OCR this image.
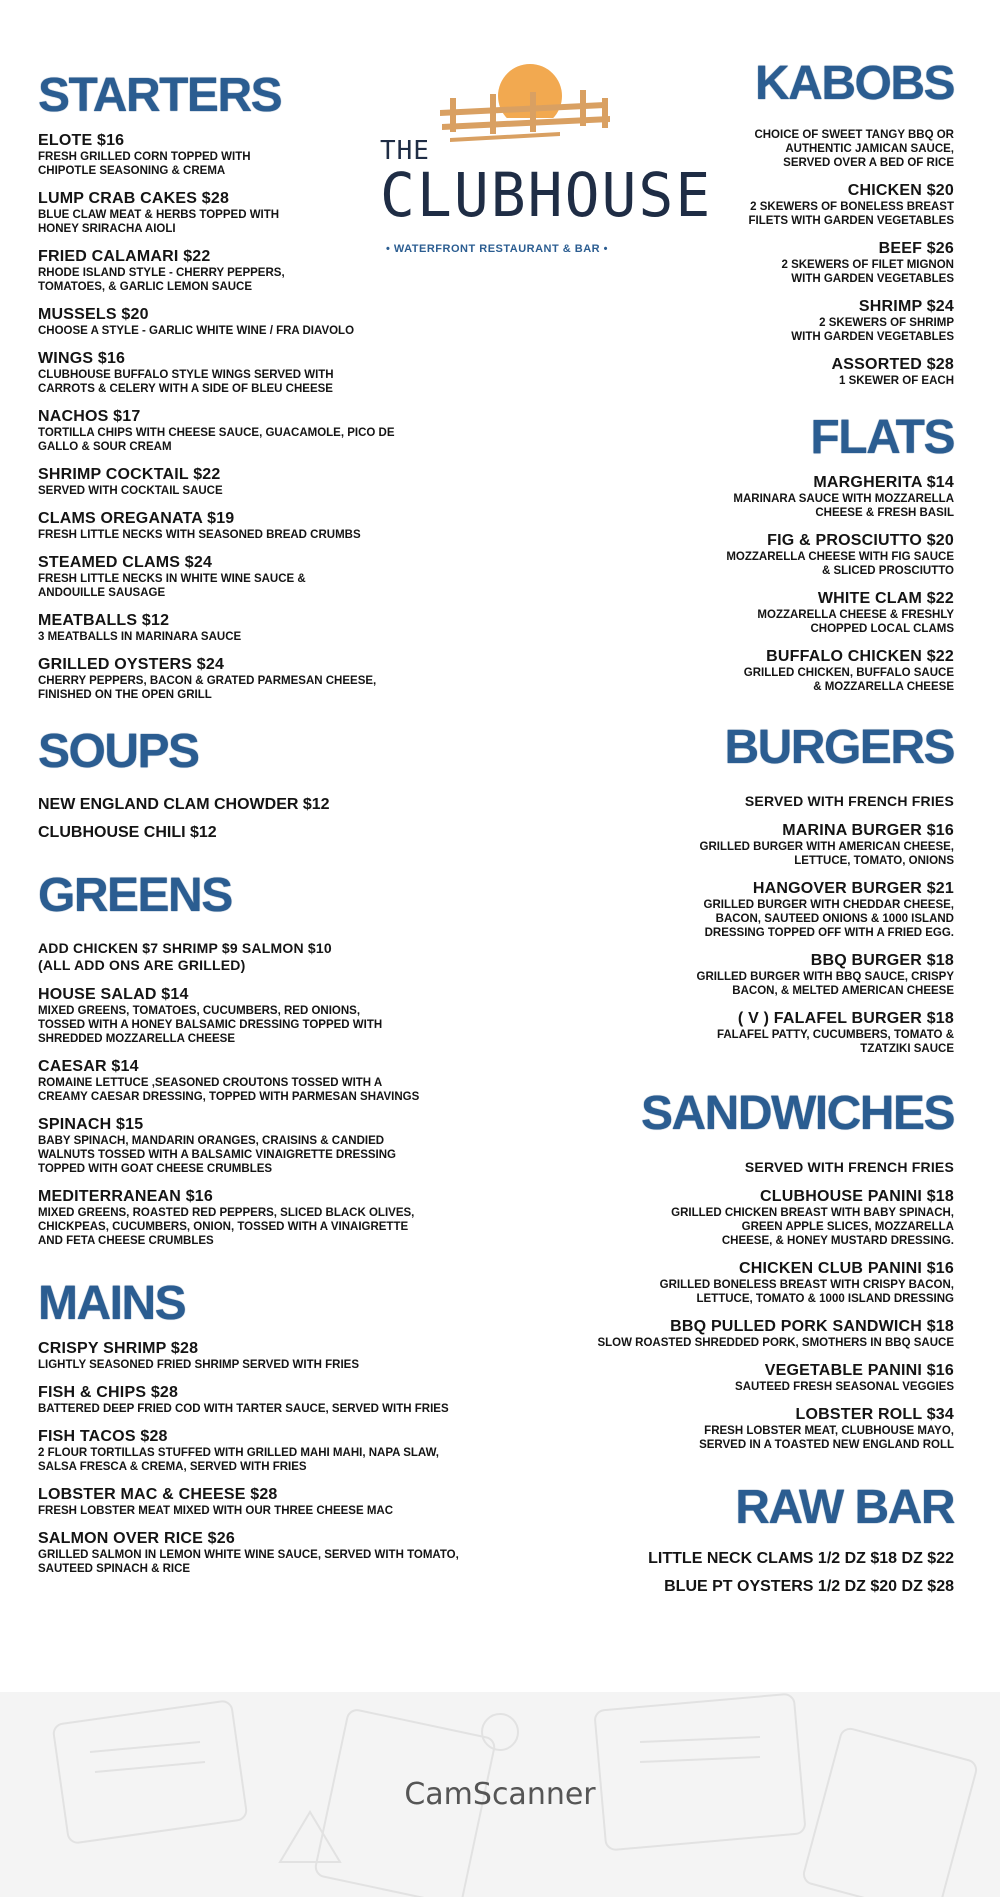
THE
CLUBHOUSE
• WATERFRONT RESTAURANT & BAR •
STARTERS
ELOTE $16
FRESH GRILLED CORN TOPPED WITH
CHIPOTLE SEASONING & CREMA
LUMP CRAB CAKES $28
BLUE CLAW MEAT & HERBS TOPPED WITH
HONEY SRIRACHA AIOLI
FRIED CALAMARI $22
RHODE ISLAND STYLE - CHERRY PEPPERS,
TOMATOES, & GARLIC LEMON SAUCE
MUSSELS $20
CHOOSE A STYLE - GARLIC WHITE WINE / FRA DIAVOLO
WINGS $16
CLUBHOUSE BUFFALO STYLE WINGS SERVED WITH
CARROTS & CELERY WITH A SIDE OF BLEU CHEESE
NACHOS $17
TORTILLA CHIPS WITH CHEESE SAUCE, GUACAMOLE, PICO DE
GALLO & SOUR CREAM
SHRIMP COCKTAIL $22
SERVED WITH COCKTAIL SAUCE
CLAMS OREGANATA $19
FRESH LITTLE NECKS WITH SEASONED BREAD CRUMBS
STEAMED CLAMS $24
FRESH LITTLE NECKS IN WHITE WINE SAUCE &
ANDOUILLE SAUSAGE
MEATBALLS $12
3 MEATBALLS IN MARINARA SAUCE
GRILLED OYSTERS $24
CHERRY PEPPERS, BACON & GRATED PARMESAN CHEESE,
FINISHED ON THE OPEN GRILL
SOUPS
NEW ENGLAND CLAM CHOWDER $12
CLUBHOUSE CHILI $12
GREENS
ADD CHICKEN $7 SHRIMP $9 SALMON $10
(ALL ADD ONS ARE GRILLED)
HOUSE SALAD $14
MIXED GREENS, TOMATOES, CUCUMBERS, RED ONIONS,
TOSSED WITH A HONEY BALSAMIC DRESSING TOPPED WITH
SHREDDED MOZZARELLA CHEESE
CAESAR $14
ROMAINE LETTUCE ,SEASONED CROUTONS TOSSED WITH A
CREAMY CAESAR DRESSING, TOPPED WITH PARMESAN SHAVINGS
SPINACH $15
BABY SPINACH, MANDARIN ORANGES, CRAISINS & CANDIED
WALNUTS TOSSED WITH A BALSAMIC VINAIGRETTE DRESSING
TOPPED WITH GOAT CHEESE CRUMBLES
MEDITERRANEAN $16
MIXED GREENS, ROASTED RED PEPPERS, SLICED BLACK OLIVES,
CHICKPEAS, CUCUMBERS, ONION, TOSSED WITH A VINAIGRETTE
AND FETA CHEESE CRUMBLES
MAINS
CRISPY SHRIMP $28
LIGHTLY SEASONED FRIED SHRIMP SERVED WITH FRIES
FISH & CHIPS $28
BATTERED DEEP FRIED COD WITH TARTER SAUCE, SERVED WITH FRIES
FISH TACOS $28
2 FLOUR TORTILLAS STUFFED WITH GRILLED MAHI MAHI, NAPA SLAW,
SALSA FRESCA & CREMA, SERVED WITH FRIES
LOBSTER MAC & CHEESE $28
FRESH LOBSTER MEAT MIXED WITH OUR THREE CHEESE MAC
SALMON OVER RICE $26
GRILLED SALMON IN LEMON WHITE WINE SAUCE, SERVED WITH TOMATO,
SAUTEED SPINACH & RICE
KABOBS
CHOICE OF SWEET TANGY BBQ OR
AUTHENTIC JAMICAN SAUCE,
SERVED OVER A BED OF RICE
CHICKEN $20
2 SKEWERS OF BONELESS BREAST
FILETS WITH GARDEN VEGETABLES
BEEF $26
2 SKEWERS OF FILET MIGNON
WITH GARDEN VEGETABLES
SHRIMP $24
2 SKEWERS OF SHRIMP
WITH GARDEN VEGETABLES
ASSORTED $28
1 SKEWER OF EACH
FLATS
MARGHERITA $14
MARINARA SAUCE WITH MOZZARELLA
CHEESE & FRESH BASIL
FIG & PROSCIUTTO $20
MOZZARELLA CHEESE WITH FIG SAUCE
& SLICED PROSCIUTTO
WHITE CLAM $22
MOZZARELLA CHEESE & FRESHLY
CHOPPED LOCAL CLAMS
BUFFALO CHICKEN $22
GRILLED CHICKEN, BUFFALO SAUCE
& MOZZARELLA CHEESE
BURGERS
SERVED WITH FRENCH FRIES
MARINA BURGER $16
GRILLED BURGER WITH AMERICAN CHEESE,
LETTUCE, TOMATO, ONIONS
HANGOVER BURGER $21
GRILLED BURGER WITH CHEDDAR CHEESE,
BACON, SAUTEED ONIONS & 1000 ISLAND
DRESSING TOPPED OFF WITH A FRIED EGG.
BBQ BURGER $18
GRILLED BURGER WITH BBQ SAUCE, CRISPY
BACON, & MELTED AMERICAN CHEESE
( V ) FALAFEL BURGER $18
FALAFEL PATTY, CUCUMBERS, TOMATO &
TZATZIKI SAUCE
SANDWICHES
SERVED WITH FRENCH FRIES
CLUBHOUSE PANINI $18
GRILLED CHICKEN BREAST WITH BABY SPINACH,
GREEN APPLE SLICES, MOZZARELLA
CHEESE, & HONEY MUSTARD DRESSING.
CHICKEN CLUB PANINI $16
GRILLED BONELESS BREAST WITH CRISPY BACON,
LETTUCE, TOMATO & 1000 ISLAND DRESSING
BBQ PULLED PORK SANDWICH $18
SLOW ROASTED SHREDDED PORK, SMOTHERS IN BBQ SAUCE
VEGETABLE PANINI $16
SAUTEED FRESH SEASONAL VEGGIES
LOBSTER ROLL $34
FRESH LOBSTER MEAT, CLUBHOUSE MAYO,
SERVED IN A TOASTED NEW ENGLAND ROLL
RAW BAR
LITTLE NECK CLAMS 1/2 DZ $18 DZ $22
BLUE PT OYSTERS 1/2 DZ $20 DZ $28
CamScanner
